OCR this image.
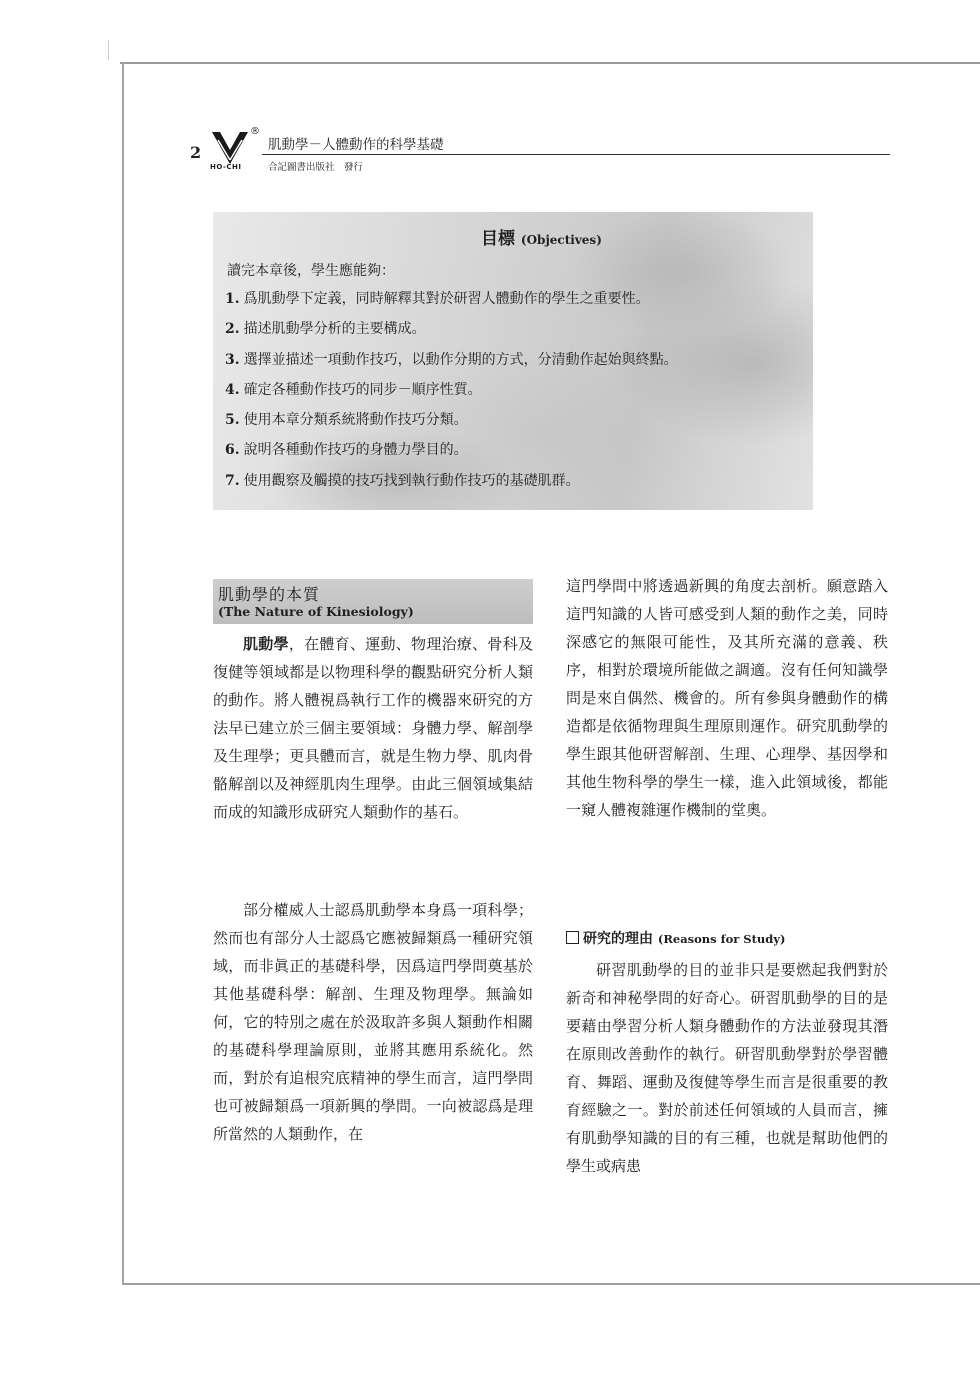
2
HO-CHI
®
肌動學－人體動作的科學基礎
合記圖書出版社　發行
目標 (Objectives)
讀完本章後，學生應能夠：
1. 爲肌動學下定義，同時解釋其對於研習人體動作的學生之重要性。
2. 描述肌動學分析的主要構成。
3. 選擇並描述一項動作技巧，以動作分期的方式，分清動作起始與終點。
4. 確定各種動作技巧的同步－順序性質。
5. 使用本章分類系統將動作技巧分類。
6. 說明各種動作技巧的身體力學目的。
7. 使用觀察及觸摸的技巧找到執行動作技巧的基礎肌群。
肌動學的本質
(The Nature of Kinesiology)

肌動學，在體育、運動、物理治療、骨科及復健等領域都是以物理科學的觀點研究分析人類的動作。將人體視爲執行工作的機器來研究的方法早已建立於三個主要領域：身體力學、解剖學及生理學；更具體而言，就是生物力學、肌肉骨骼解剖以及神經肌肉生理學。由此三個領域集結而成的知識形成研究人類動作的基石。

部分權威人士認爲肌動學本身爲一項科學；然而也有部分人士認爲它應被歸類爲一種研究領域，而非眞正的基礎科學，因爲這門學問奠基於其他基礎科學：解剖、生理及物理學。無論如何，它的特別之處在於汲取許多與人類動作相關的基礎科學理論原則，並將其應用系統化。然而，對於有追根究底精神的學生而言，這門學問也可被歸類爲一項新興的學問。一向被認爲是理所當然的人類動作，在

這門學問中將透過新興的角度去剖析。願意踏入這門知識的人皆可感受到人類的動作之美，同時深感它的無限可能性，及其所充滿的意義、秩序，相對於環境所能做之調適。沒有任何知識學問是來自偶然、機會的。所有參與身體動作的構造都是依循物理與生理原則運作。研究肌動學的學生跟其他研習解剖、生理、心理學、基因學和其他生物科學的學生一樣，進入此領域後，都能一窺人體複雜運作機制的堂奧。

研習肌動學的目的並非只是要燃起我們對於新奇和神秘學問的好奇心。研習肌動學的目的是要藉由學習分析人類身體動作的方法並發現其潛在原則改善動作的執行。研習肌動學對於學習體育、舞蹈、運動及復健等學生而言是很重要的教育經驗之一。對於前述任何領域的人員而言，擁有肌動學知識的目的有三種，也就是幫助他們的學生或病患

研究的理由 (Reasons for Study)
